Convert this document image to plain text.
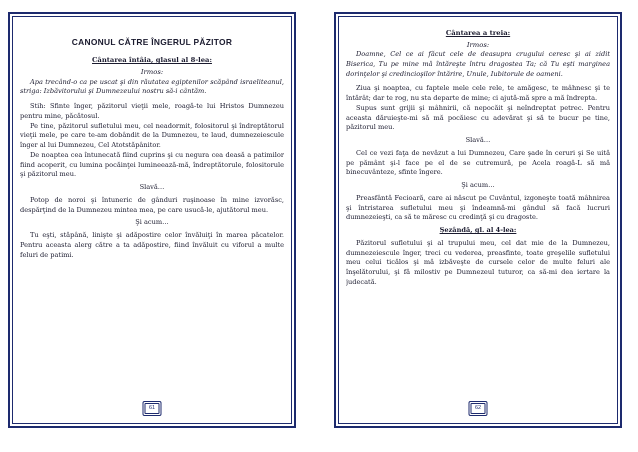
CANONUL CĂTRE ÎNGERUL PĂZITOR
Cântarea întâia, glasul al 8-lea:
Irmos:

Apa trecând-o ca pe uscat şi din răutatea egiptenilor scăpând israeliteanul, striga: Izbăvitorului şi Dumnezeului nostru să-i cântăm.

Stih: Sfinte înger, păzitorul vieţii mele, roagă-te lui Hristos Dumnezeu pentru mine, păcătosul.

Pe tine, păzitorul sufletului meu, cel neadormit, folositorul şi îndreptătorul vieţii mele, pe care te-am dobândit de la Dumnezeu, te laud, dumnezeiescule înger al lui Dumnezeu, Cel Atotstăpânitor.

De noaptea cea întunecată fiind cuprins şi cu negura cea deasă a patimilor fiind acoperit, cu lumina pocăinţei lumineează-mă, îndreptătorule, folositorule şi păzitorul meu.

Slavă…

Potop de noroi şi întuneric de gânduri ruşinoase în mine izvorăsc, despărţind de la Dumnezeu mintea mea, pe care usucă-le, ajutătorul meu.

Şi acum…

Tu eşti, stăpână, linişte şi adăpostire celor învăluiţi în marea păcatelor. Pentru aceasta alerg către a ta adăpostire, fiind învăluit cu viforul a multe feluri de patimi.

61
Cântarea a treia:
Irmos:

Doamne, Cel ce ai făcut cele de deasupra crugului ceresc şi ai zidit Biserica, Tu pe mine mă întăreşte întru dragostea Ta; că Tu eşti marginea dorinţelor şi credincioşilor întărire, Unule, Iubitorule de oameni.

Ziua şi noaptea, cu faptele mele cele rele, te amăgesc, te mâhnesc şi te întărât; dar te rog, nu sta departe de mine; ci ajută-mă spre a mă îndrepta.

Supus sunt grijii şi mâhnirii, că nepocăit şi neîndreptat petrec. Pentru aceasta dăruieşte-mi să mă pocăiesc cu adevărat şi să te bucur pe tine, păzitorul meu.

Slavă…

Cel ce vezi faţa de nevăzut a lui Dumnezeu, Care şade în ceruri şi Se uită pe pământ şi-l face pe el de se cutremură, pe Acela roagă-L să mă binecuvânteze, sfinte îngere.

Şi acum…

Preasfântă Fecioară, care ai născut pe Cuvântul, izgoneşte toată mâhnirea şi întristarea sufletului meu şi îndeamnă-mi gândul să facă lucruri dumnezeieşti, ca să te măresc cu credinţă şi cu dragoste.

Şezândă, gl. al 4-lea:

Păzitorul sufletului şi al trupului meu, cel dat mie de la Dumnezeu, dumnezeiescule înger, treci cu vederea, preasfinte, toate greşelile sufletului meu celui ticălos şi mă izbăveşte de cursele celor de multe feluri ale înşelătorului, şi fă milostiv pe Dumnezeul tuturor, ca să-mi dea iertare la judecată.

62
